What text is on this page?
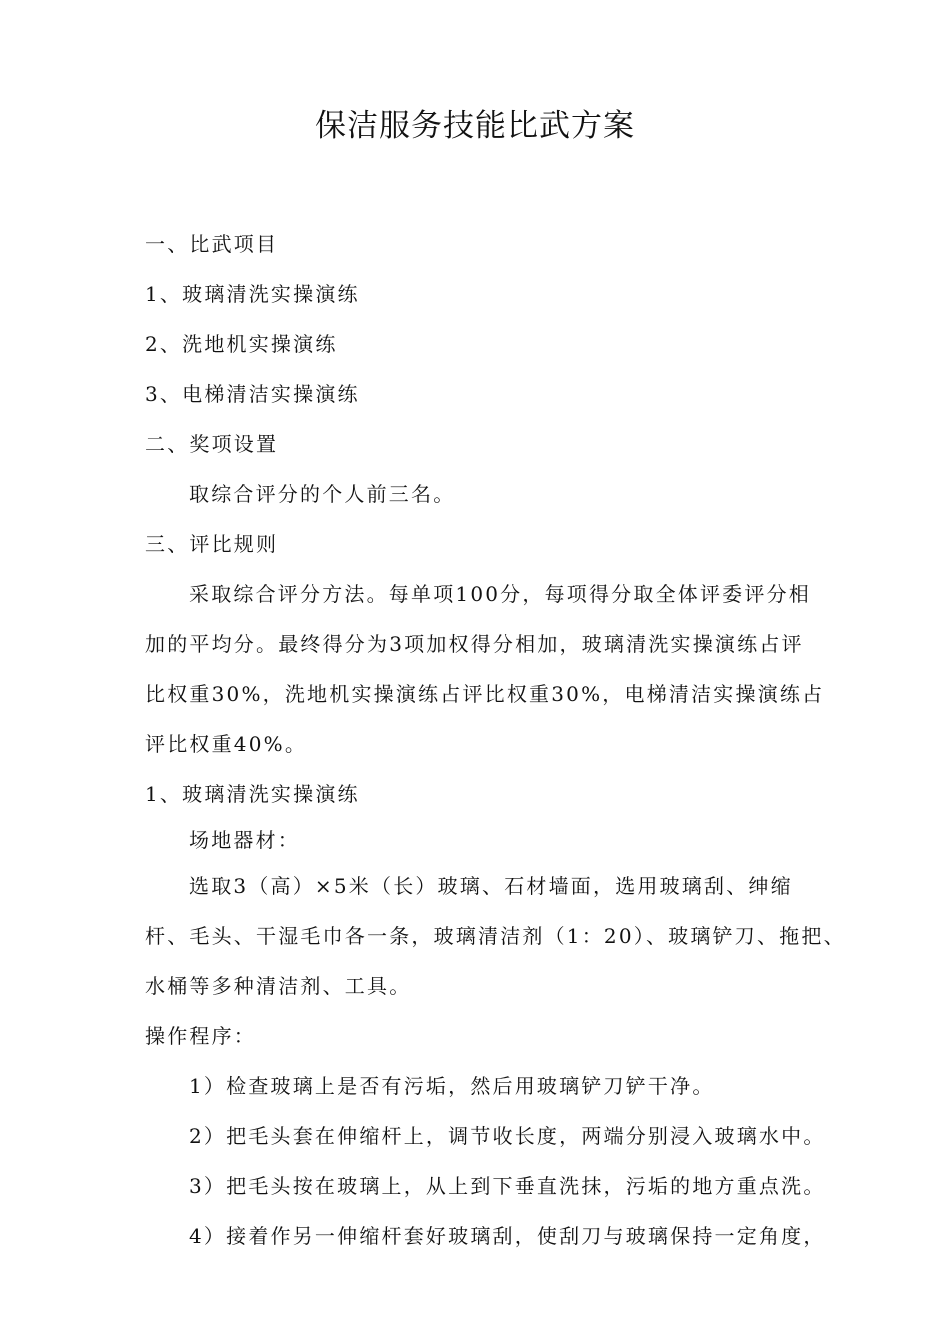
保洁服务技能比武方案

一、比武项目

1、玻璃清洗实操演练

2、洗地机实操演练

3、电梯清洁实操演练

二、奖项设置

取综合评分的个人前三名。

三、评比规则

采取综合评分方法。每单项100分，每项得分取全体评委评分相

加的平均分。最终得分为3项加权得分相加，玻璃清洗实操演练占评

比权重30%，洗地机实操演练占评比权重30%，电梯清洁实操演练占

评比权重40%。

1、玻璃清洗实操演练

场地器材：

选取3（高）×5米（长）玻璃、石材墙面，选用玻璃刮、绅缩

杆、毛头、干湿毛巾各一条，玻璃清洁剂（1：20）、玻璃铲刀、拖把、

水桶等多种清洁剂、工具。

操作程序：

1）检查玻璃上是否有污垢，然后用玻璃铲刀铲干净。

2）把毛头套在伸缩杆上，调节收长度，两端分别浸入玻璃水中。

3）把毛头按在玻璃上，从上到下垂直洗抹，污垢的地方重点洗。

4）接着作另一伸缩杆套好玻璃刮，使刮刀与玻璃保持一定角度，
